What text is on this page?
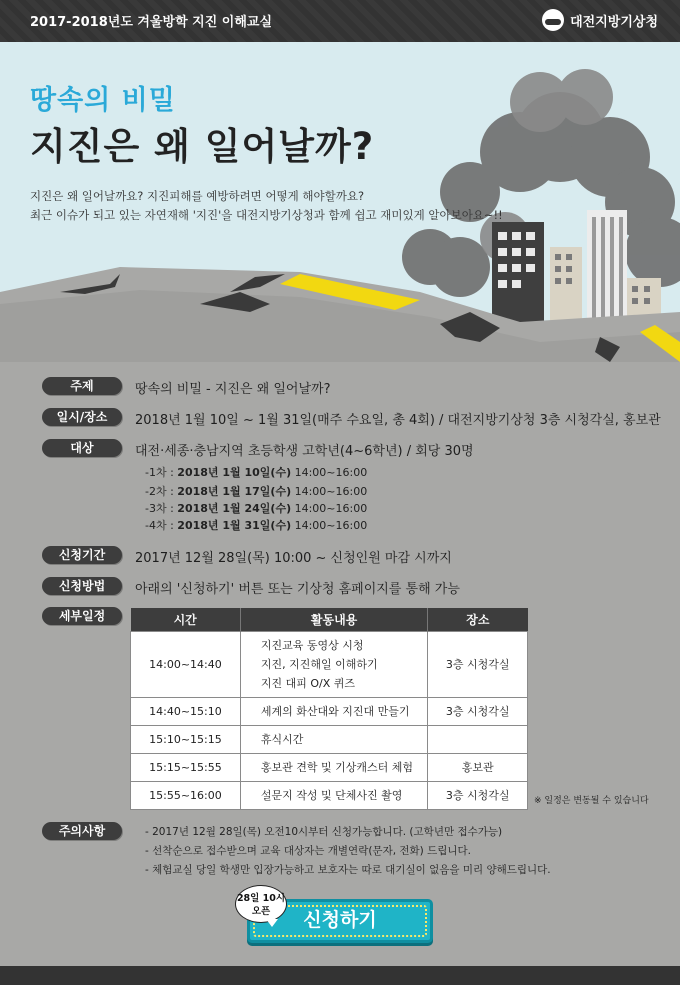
2017-2018년도 겨울방학 지진 이해교실	대전지방기상청
땅속의 비밀
지진은 왜 일어날까?
지진은 왜 일어날까요? 지진피해를 예방하려면 어떻게 해야할까요?
최근 이슈가 되고 있는 자연재해 '지진'을 대전지방기상청과 함께 쉽고 재미있게 알아보아요~!!
주제	땅속의 비밀 - 지진은 왜 일어날까?
일시/장소	2018년 1월 10일 ~ 1월 31일(매주 수요일, 총 4회) / 대전지방기상청 3층 시청각실, 홍보관
대상	대전·세종·충남지역 초등학생 고학년(4~6학년) / 회당 30명
-1차 : 2018년 1월 10일(수) 14:00~16:00
-2차 : 2018년 1월 17일(수) 14:00~16:00
-3차 : 2018년 1월 24일(수) 14:00~16:00
-4차 : 2018년 1월 31일(수) 14:00~16:00
신청기간	2017년 12월 28일(목) 10:00 ~ 신청인원 마감 시까지
신청방법	아래의 '신청하기' 버튼 또는 기상청 홈페이지를 통해 가능
세부일정	시간	활동내용	장소
14:00~14:40	지진교육 동영상 시청
지진, 지진해일 이해하기
지진 대피 O/X 퀴즈	3층 시청각실
14:40~15:10	세계의 화산대와 지진대 만들기	3층 시청각실
15:10~15:15	휴식시간	
15:15~15:55	홍보관 견학 및 기상캐스터 체험	홍보관
15:55~16:00	설문지 작성 및 단체사진 촬영	3층 시청각실	※ 일정은 변동될 수 있습니다
주의사항	- 2017년 12월 28일(목) 오전10시부터 신청가능합니다. (고학년만 접수가능)
- 선착순으로 접수받으며 교육 대상자는 개별연락(문자, 전화) 드립니다.
- 체험교실 당일 학생만 입장가능하고 보호자는 따로 대기실이 없음을 미리 양해드립니다.
신청하기
28일 10시
오픈
